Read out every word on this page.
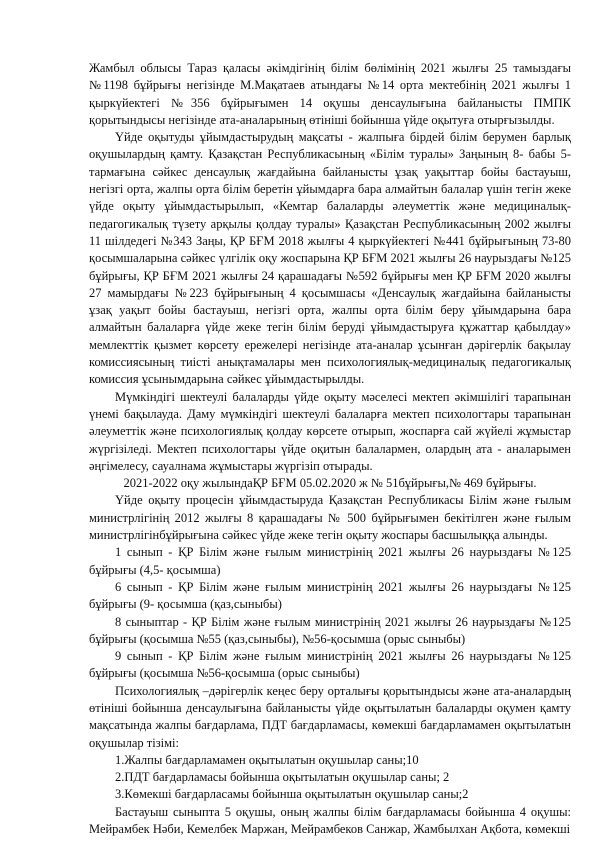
Жамбыл облысы Тараз қаласы әкімдігінің білім бөлімінің 2021 жылғы 25 тамыздағы №1198 бұйрығы негізінде М.Мақатаев атындағы №14 орта мектебінің 2021 жылғы 1 қыркүйектегі №356 бұйрығымен 14 оқушы денсаулығына байланысты ПМПК қорытындысы негізінде ата-аналарының өтініші бойынша үйде оқытуға отырғызылды.

Үйде оқытуды ұйымдастырудың мақсаты - жалпыға бірдей білім берумен барлық оқушылардың қамту. Қазақстан Республикасының «Білім туралы» Заңының 8- бабы 5- тармағына сәйкес денсаулық жағдайына байланысты ұзақ уақыттар бойы бастауыш, негізгі орта, жалпы орта білім беретін ұйымдарға бара алмайтын балалар үшін тегін жеке үйде оқыту ұйымдастырылып, «Кемтар балаларды әлеуметтік және медициналық-педагогикалық түзету арқылы қолдау туралы» Қазақстан Республикасының 2002 жылғы 11 шілдедегі №343 Заңы, ҚР БҒМ 2018 жылғы 4 қыркүйектегі №441 бұйрығының 73-80 қосымшаларына сәйкес үлгілік оқу жоспарына ҚР БҒМ 2021 жылғы 26 наурыздағы №125 бұйрығы, ҚР БҒМ 2021 жылғы 24 қарашадағы №592 бұйрығы мен ҚР БҒМ 2020 жылғы 27 мамырдағы №223 бұйрығының 4 қосымшасы «Денсаулық жағдайына байланысты ұзақ уақыт бойы бастауыш, негізгі орта, жалпы орта білім беру ұйымдарына бара алмайтын балаларға үйде жеке тегін білім беруді ұйымдастыруға құжаттар қабылдау» мемлекттік қызмет көрсету ережелері негізінде ата-аналар ұсынған дәрігерлік бақылау комиссиясының тиісті анықтамалары мен психологиялық-медициналық педагогикалық комиссия ұсынымдарына сәйкес ұйымдастырылды.

Мүмкіндігі шектеулі балаларды үйде оқыту мәселесі мектеп әкімшілігі тарапынан үнемі бақылауда. Даму мүмкіндігі шектеулі балаларға мектеп психологтары тарапынан әлеуметтік және психологиялық қолдау көрсете отырып, жоспарға сай жүйелі жұмыстар жүргізіледі. Мектеп психологтары үйде оқитын балалармен, олардың ата - аналарымен әңгімелесу, сауалнама жұмыстары жүргізіп отырады.

2021-2022 оқу жылындаҚР БҒМ 05.02.2020 ж № 51бұйрығы,№ 469 бұйрығы.

Үйде оқыту процесін ұйымдастыруда Қазақстан Республикасы Білім және ғылым министрлігінің 2012 жылғы 8 қарашадағы № 500 бұйрығымен бекітілген және ғылым министрлігінбұйрығына сәйкес үйде жеке тегін оқыту жоспары басшылыққа алынды.

1 сынып - ҚР Білім және ғылым министрінің 2021 жылғы 26 наурыздағы №125 бұйрығы (4,5- қосымша)

6 сынып - ҚР Білім және ғылым министрінің 2021 жылғы 26 наурыздағы №125 бұйрығы (9- қосымша (қаз,сыныбы)

8 сыныптар - ҚР Білім және ғылым министрінің 2021 жылғы 26 наурыздағы №125 бұйрығы (қосымша №55 (қаз,сыныбы), №56-қосымша (орыс сыныбы)

9 сынып - ҚР Білім және ғылым министрінің 2021 жылғы 26 наурыздағы №125 бұйрығы (қосымша №56-қосымша (орыс сыныбы)

Психологиялық –дәрігерлік кеңес беру орталығы қорытындысы және ата-аналардың өтініші бойынша денсаулығына байланысты үйде оқытылатын балаларды оқумен қамту мақсатында жалпы бағдарлама, ПДТ бағдарламасы, көмекші бағдарламамен оқытылатын оқушылар тізімі:

1.Жалпы бағдарламамен оқытылатын оқушылар саны;10

2.ПДТ бағдарламасы бойынша оқытылатын оқушылар саны; 2

3.Көмекші бағдарласамы бойынша оқытылатын оқушылар саны;2

Бастауыш сыныпта 5 оқушы, оның жалпы білім бағдарламасы бойынша 4 оқушы: Мейрамбек Нәби, Кемелбек Маржан, Мейрамбеков Санжар, Жамбылхан Ақбота, көмекші
